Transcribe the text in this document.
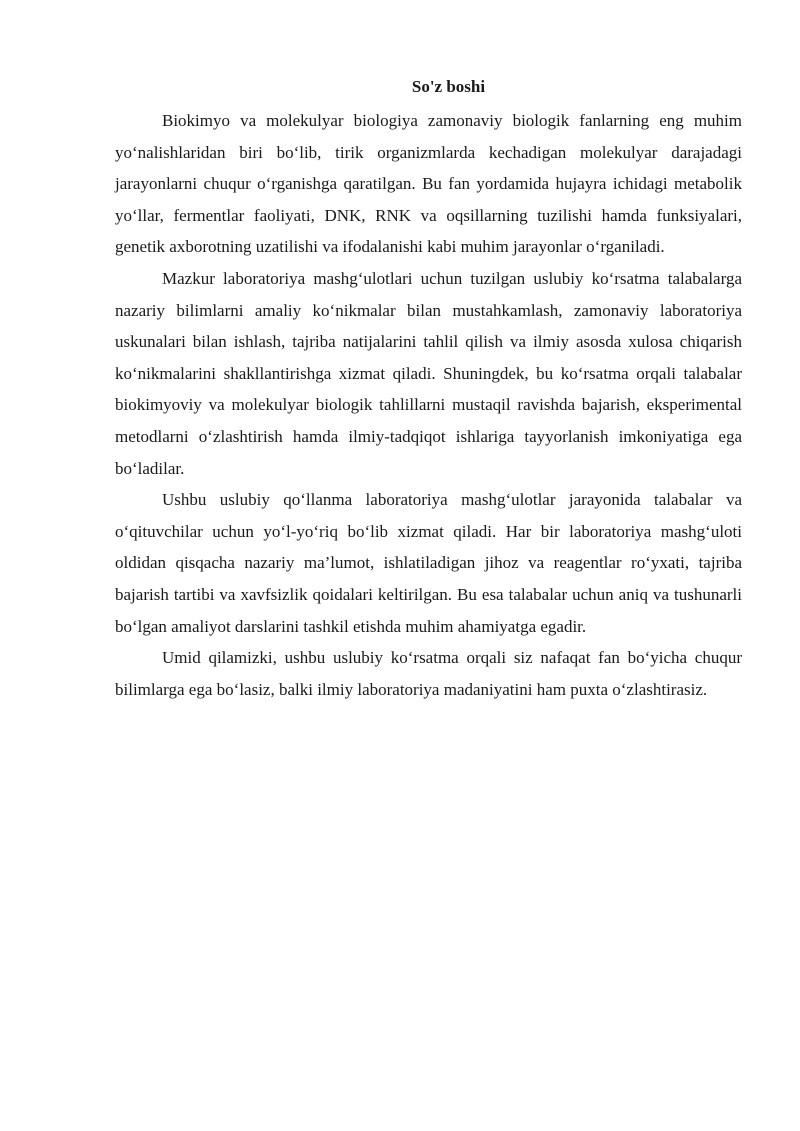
So'z boshi

Biokimyo va molekulyar biologiya zamonaviy biologik fanlarning eng muhim yo‘nalishlaridan biri bo‘lib, tirik organizmlarda kechadigan molekulyar darajadagi jarayonlarni chuqur o‘rganishga qaratilgan. Bu fan yordamida hujayra ichidagi metabolik yo‘llar, fermentlar faoliyati, DNK, RNK va oqsillarning tuzilishi hamda funksiyalari, genetik axborotning uzatilishi va ifodalanishi kabi muhim jarayonlar o‘rganiladi.

Mazkur laboratoriya mashg‘ulotlari uchun tuzilgan uslubiy ko‘rsatma talabalarga nazariy bilimlarni amaliy ko‘nikmalar bilan mustahkamlash, zamonaviy laboratoriya uskunalari bilan ishlash, tajriba natijalarini tahlil qilish va ilmiy asosda xulosa chiqarish ko‘nikmalarini shakllantirishga xizmat qiladi. Shuningdek, bu ko‘rsatma orqali talabalar biokimyoviy va molekulyar biologik tahlillarni mustaqil ravishda bajarish, eksperimental metodlarni o‘zlashtirish hamda ilmiy-tadqiqot ishlariga tayyorlanish imkoniyatiga ega bo‘ladilar.

Ushbu uslubiy qo‘llanma laboratoriya mashg‘ulotlar jarayonida talabalar va o‘qituvchilar uchun yo‘l-yo‘riq bo‘lib xizmat qiladi. Har bir laboratoriya mashg‘uloti oldidan qisqacha nazariy ma’lumot, ishlatiladigan jihoz va reagentlar ro‘yxati, tajriba bajarish tartibi va xavfsizlik qoidalari keltirilgan. Bu esa talabalar uchun aniq va tushunarli bo‘lgan amaliyot darslarini tashkil etishda muhim ahamiyatga egadir.

Umid qilamizki, ushbu uslubiy ko‘rsatma orqali siz nafaqat fan bo‘yicha chuqur bilimlarga ega bo‘lasiz, balki ilmiy laboratoriya madaniyatini ham puxta o‘zlashtirasiz.
